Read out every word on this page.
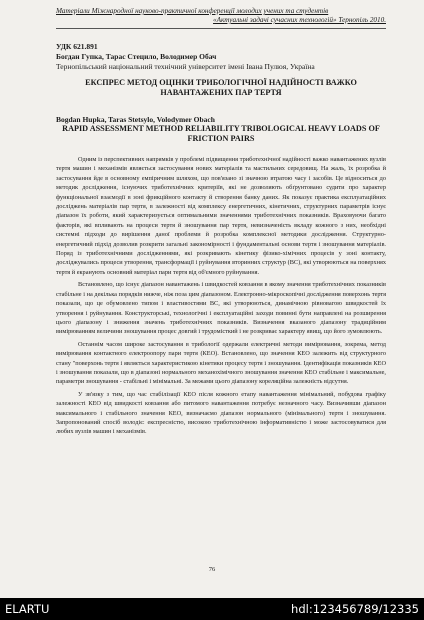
Матеріали Міжнародної науково-практичної конференції молодих учених та студентів
«Актуальні задачі сучасних технологій» Тернопіль 2010.
УДК 621.891
Богдан Гупка, Тарас Стецило, Володимер Обач
Тернопільський національний технічний університет імені Івана Пулюя, Україна
ЕКСПРЕС МЕТОД ОЦІНКИ ТРИБОЛОГІЧНОЇ НАДІЙНОСТІ ВАЖКО НАВАНТАЖЕНИХ ПАР ТЕРТЯ
Bogdan Hupka, Taras Stetsylo, Volodymer Obach
RAPID ASSESSMENT METHOD RELIABILITY TRIBOLOGICAL HEAVY LOADS OF FRICTION PAIRS

Одним із перспективних напрямків у проблемі підвищення триботехнічної надійності важко навантажених вузлів тертя машин і механізмів являється застосування нових матеріалів та мастильних середовищ. На жаль, їх розробка й застосування йде в основному емпіричним шляхом, що пов'язано зі значною втратою часу і засобів. Це відноситься до методик дослідження, існуючих триботехнічних критеріїв, які не дозволяють обґрунтовано судити про характер функціональної взаємодії в зоні фрикційного контакту й створення банку даних. Як показує практика експлуатаційних досліджень матеріалів пар тертя, в залежності від комплексу енергетичних, кінетичних, структурних параметрів існує діапазон їх роботи, який характеризується оптимальними значеннями триботехнічних показників. Враховуючи багато факторів, які впливають на процеси тертя й зношування пар тертя, невизначеність вкладу кожного з них, необхідні системні підходи до вирішення даної проблеми й розробка комплексної методики дослідження. Структурно- енергетичний підхід дозволив розкрити загальні закономірності і фундаментальні основи тертя і зношування матеріалів. Поряд із триботехнічними дослідженнями, які розкривають кінетику фізико-хімічних процесів у зоні контакту, досліджувались процеси утворення, трансформації і руйнування вторинних структур (ВС), які утворюються на поверхнях тертя й екранують основний матеріал пари тертя від об'ємного руйнування.

Встановлено, що існує діапазон навантажень і швидкостей ковзання в якому значення триботехнічних показників стабільне і на декілька порядків нижче, ніж поза цим діапазоном. Електронно-мікроскопічні дослідження поверхонь тертя показали, що це обумовлено типом і властивостями ВС, які утворюються, динамічною рівновагою швидкостей їх утворення і руйнування. Конструкторські, технологічні і експлуатаційні заходи повинні бути направлені на розширення цього діапазону і зниження значень триботехнічних показників. Визначення вказаного діапазону традиційним вимірюванням величини зношування процес довгий і трудомісткий і не розкриває характеру явищ, що його зумовлюють.

Останнім часом широке застосування в трибології одержали електричні методи вимірювання, зокрема, метод вимірювання контактного електроопору пари тертя (КЕО). Встановлено, що значення КЕО залежить від структурного стану "поверхонь тертя і являється характеристикою кінетики процесу тертя і зношування. Ідентифікація показників КЕО і зношування показали, що в діапазоні нормального механохімічного зношування значення КЕО стабільне і максимальне, параметри зношування - стабільні і мінімальні. За межами цього діапазону кореляційна залежність відсутня.

У зв'язку з тим, що час стабілізації КЕО після кожного етапу навантаження мінімальний, побудова графіку залежності КЕО від швидкості ковзання або питомого навантаження потребує незначного часу. Визначивши діапазон максимального і стабільного значення КЕО, визначаємо діапазон нормального (мінімального) тертя і зношування. Запропонований спосіб володіє: експресністю, високою триботехнічною інформативністю і може застосовуватися для любих вузлів машин і механізмів.

76
ELARTU	hdl:123456789/12335
